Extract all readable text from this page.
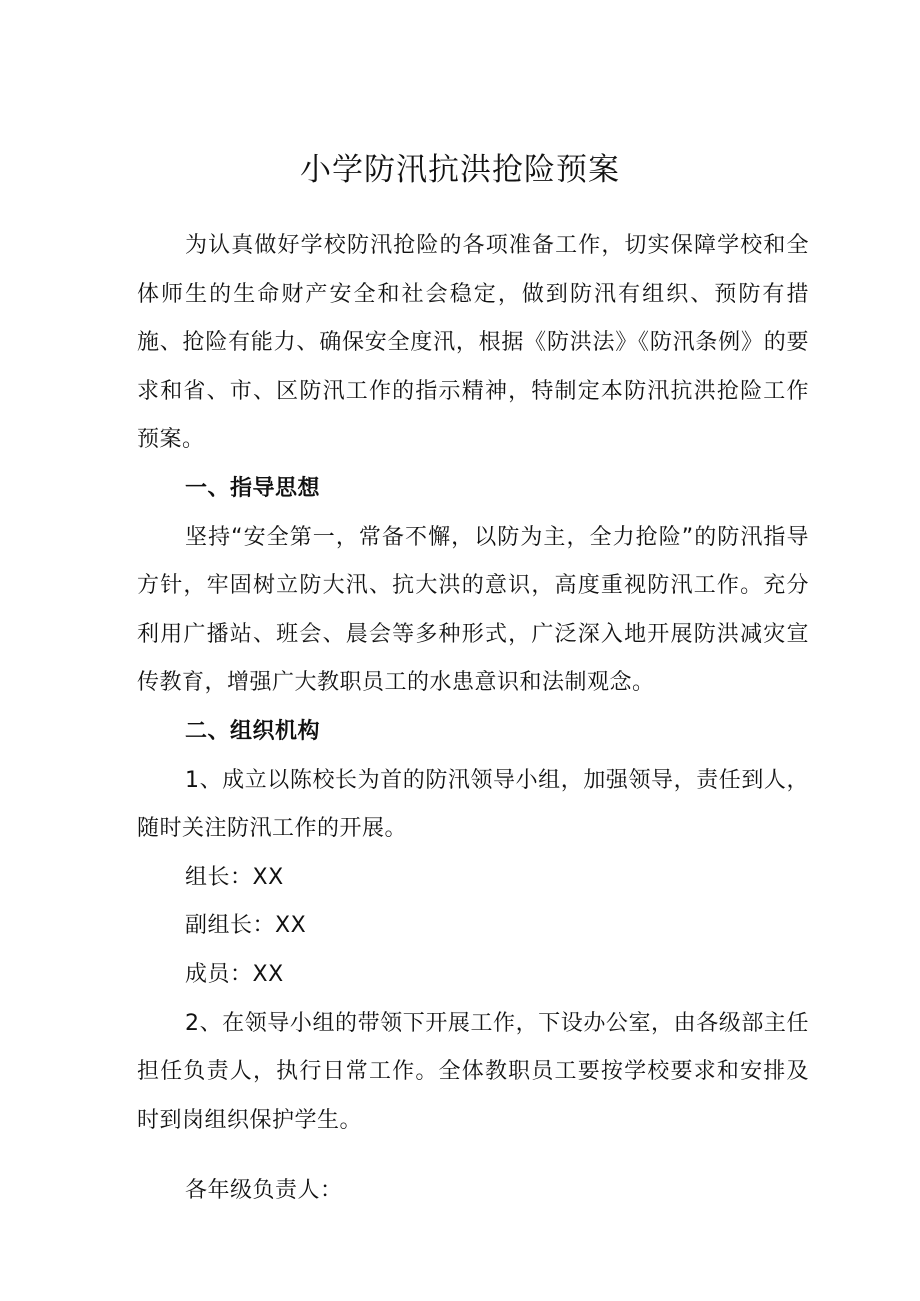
小学防汛抗洪抢险预案

为认真做好学校防汛抢险的各项准备工作，切实保障学校和全体师生的生命财产安全和社会稳定，做到防汛有组织、预防有措施、抢险有能力、确保安全度汛，根据《防洪法》《防汛条例》的要求和省、市、区防汛工作的指示精神，特制定本防汛抗洪抢险工作预案。

一、指导思想

坚持“安全第一，常备不懈，以防为主，全力抢险”的防汛指导方针，牢固树立防大汛、抗大洪的意识，高度重视防汛工作。充分利用广播站、班会、晨会等多种形式，广泛深入地开展防洪减灾宣传教育，增强广大教职员工的水患意识和法制观念。

二、组织机构

1、成立以陈校长为首的防汛领导小组，加强领导，责任到人，随时关注防汛工作的开展。

组长：XX

副组长：XX

成员：XX

2、在领导小组的带领下开展工作，下设办公室，由各级部主任担任负责人，执行日常工作。全体教职员工要按学校要求和安排及时到岗组织保护学生。

各年级负责人：
